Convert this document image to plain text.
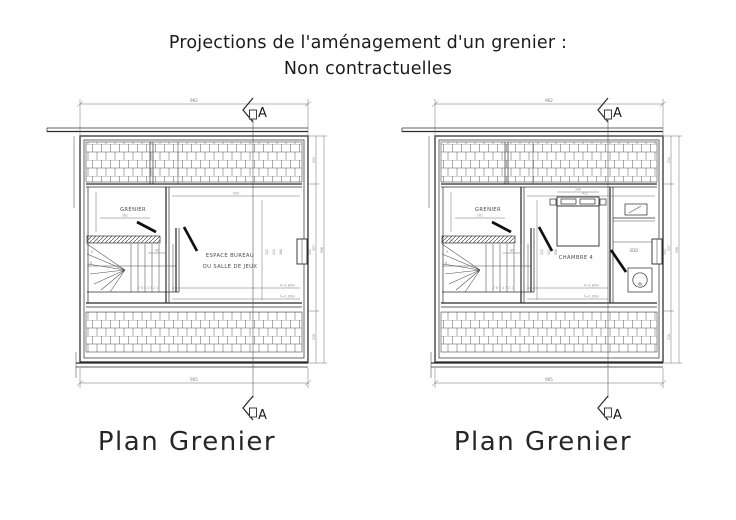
Projections de l'aménagement d'un grenier :
Non contractuelles
A
A
962
905
GRENIER
ESPACE BUREAU
OU SALLE DE JEUX
530
161
80
h=1.80m
h=1.00m
322 442 566	142
211
557
228
996
10
9
8
7 6 5 4 3 2 1
A
A
962
905
GRENIER
CHAMBRE 4
SDD
422
161
140
80
h=1.80m
h=1.00m
322 442 566	142
211
557
228
996
10
9
8
7 6 5 4 3 2 1
Plan Grenier	Plan Grenier
